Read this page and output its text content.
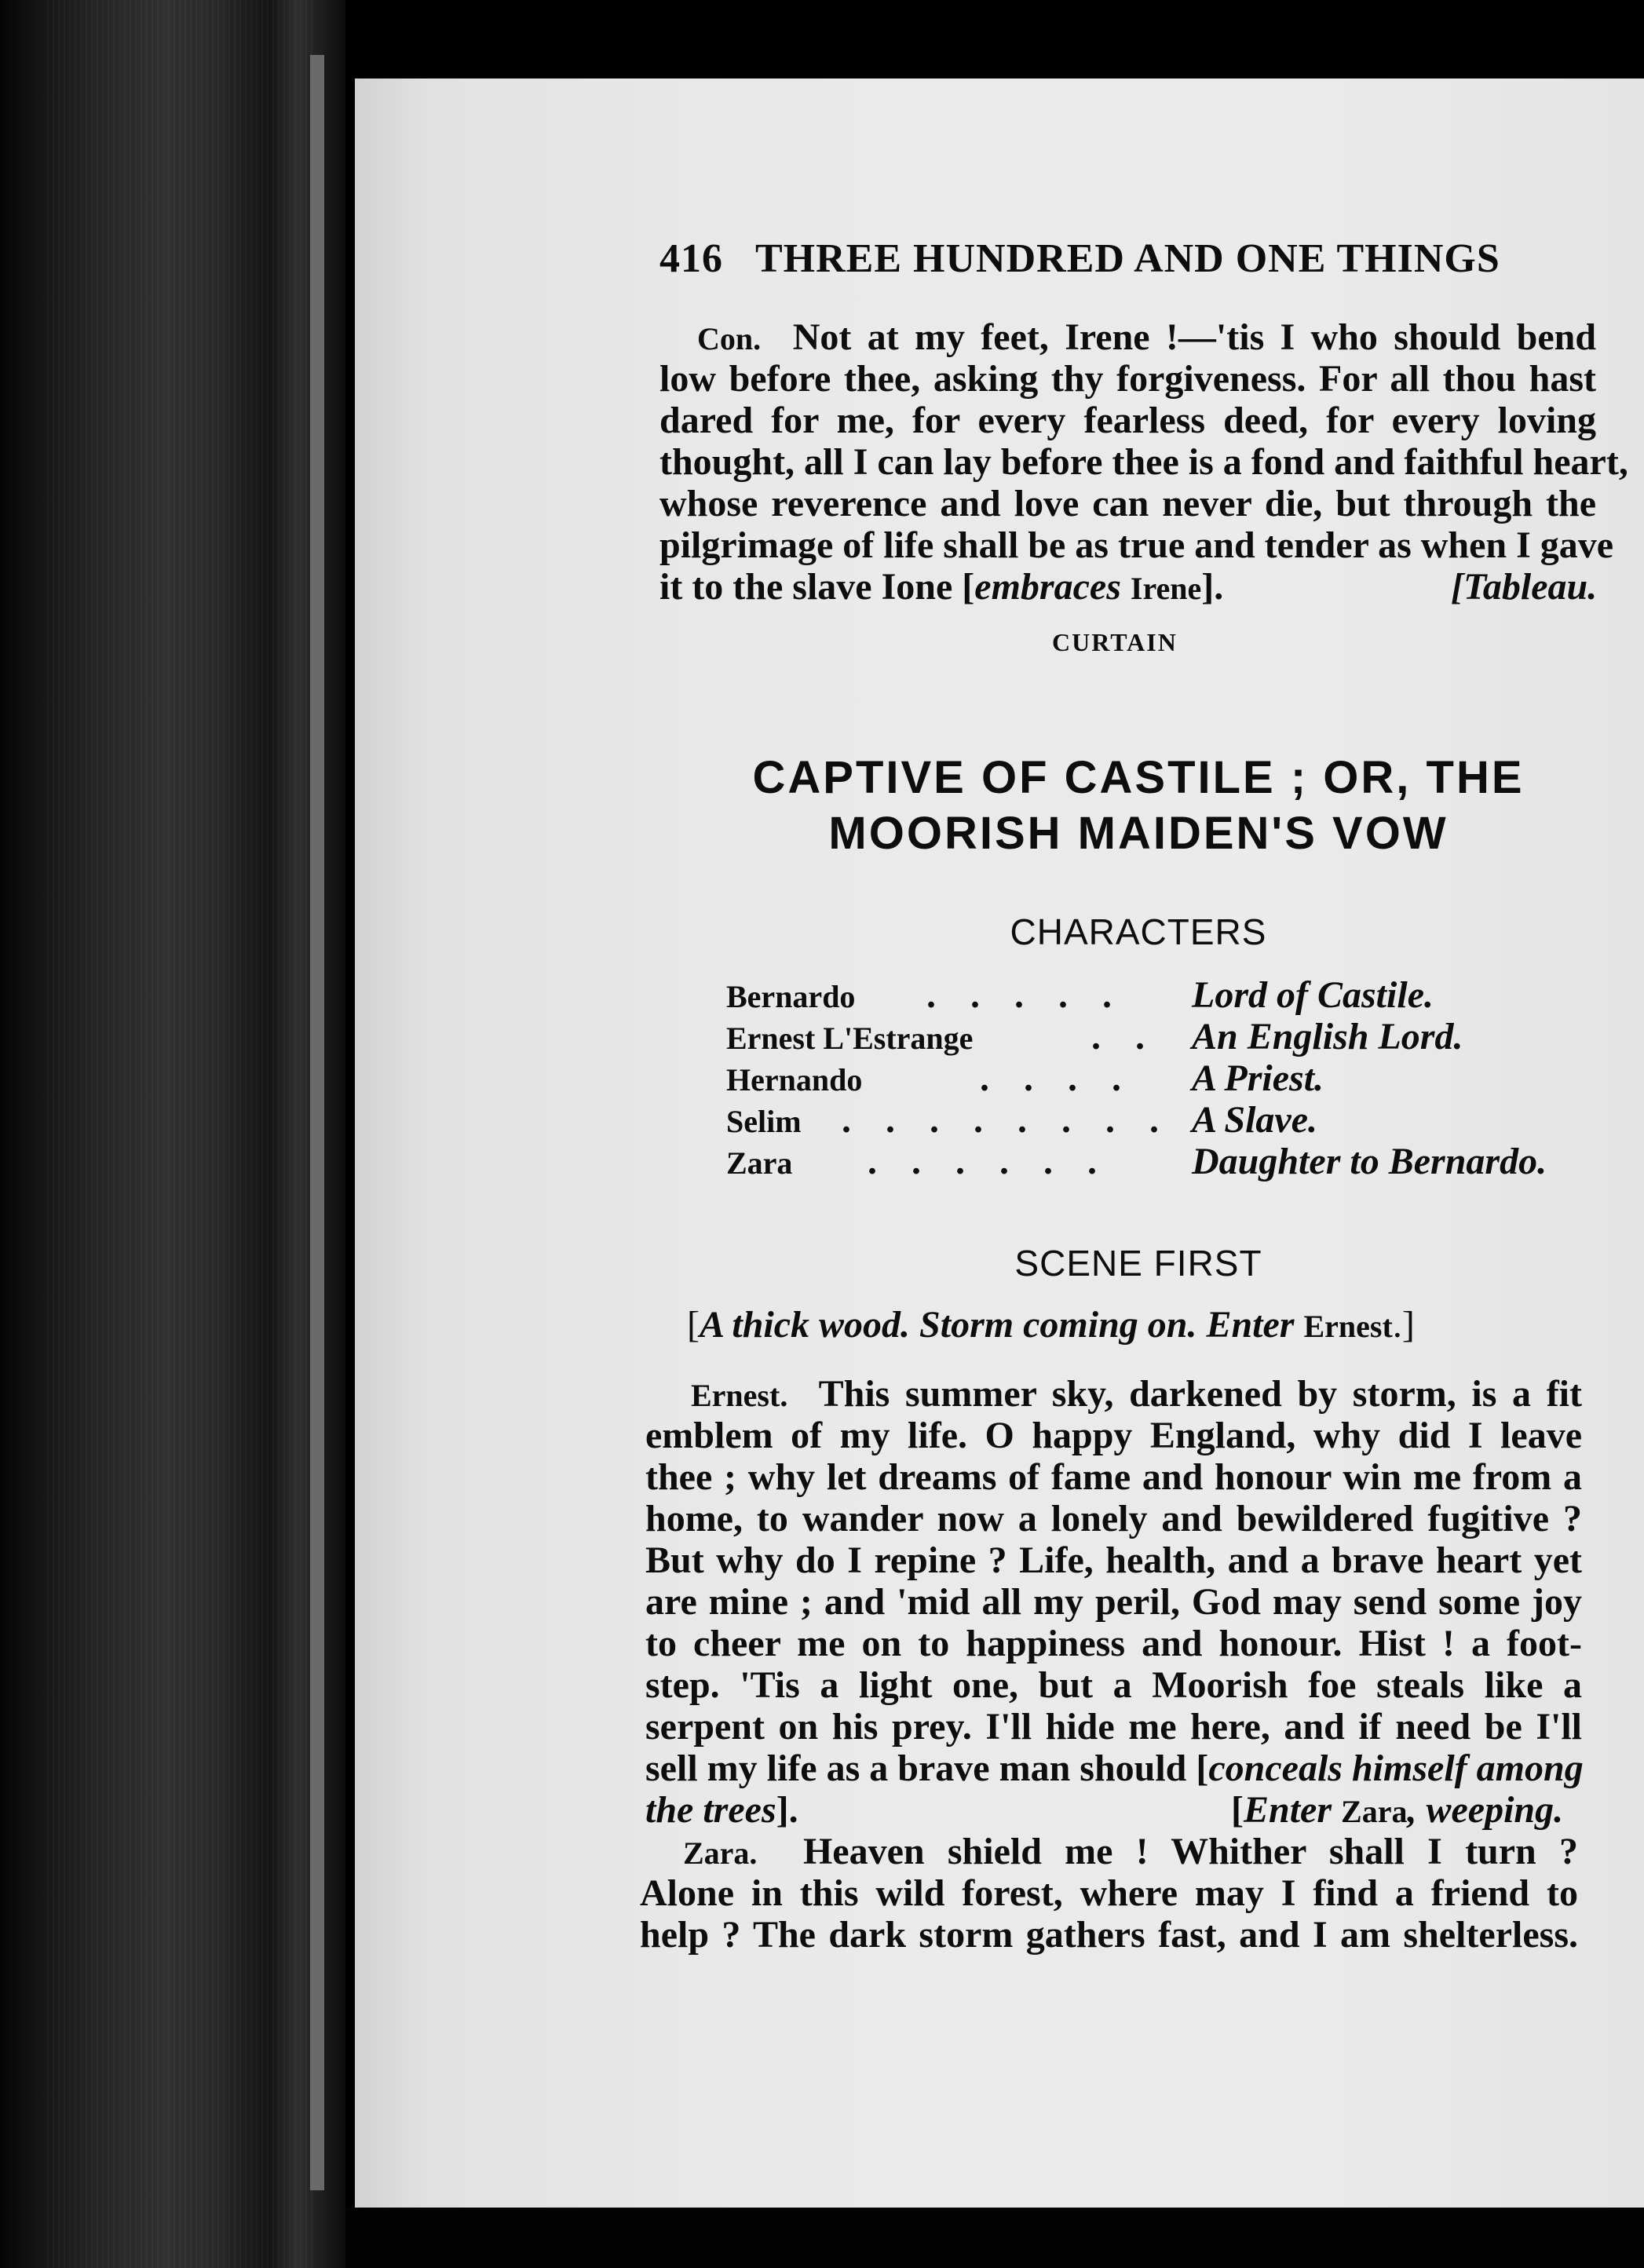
416 THREE HUNDRED AND ONE THINGS
Con. Not at my feet, Irene !—'tis I who should bend
low before thee, asking thy forgiveness. For all thou hast
dared for me, for every fearless deed, for every loving
thought, all I can lay before thee is a fond and faithful heart,
whose reverence and love can never die, but through the
pilgrimage of life shall be as true and tender as when I gave
it to the slave Ione [embraces Irene].	[Tableau.
CURTAIN
CAPTIVE OF CASTILE ; OR, THE
MOORISH MAIDEN'S VOW
CHARACTERS
Bernardo . . . . . Lord of Castile.
Ernest L'Estrange	. . An English Lord.
Hernando	. . . . A Priest.
Selim . . . . . . . . A Slave.
Zara . . . . . . Daughter to Bernardo.
SCENE FIRST
[A thick wood. Storm coming on. Enter Ernest.]
Ernest. This summer sky, darkened by storm, is a fit
emblem of my life. O happy England, why did I leave
thee ; why let dreams of fame and honour win me from a
home, to wander now a lonely and bewildered fugitive ?
But why do I repine ? Life, health, and a brave heart yet
are mine ; and 'mid all my peril, God may send some joy
to cheer me on to happiness and honour. Hist ! a foot-
step. 'Tis a light one, but a Moorish foe steals like a
serpent on his prey. I'll hide me here, and if need be I'll
sell my life as a brave man should [conceals himself among
the trees].	[Enter Zara, weeping.
Zara. Heaven shield me ! Whither shall I turn ?
Alone in this wild forest, where may I find a friend to
help ? The dark storm gathers fast, and I am shelterless.
